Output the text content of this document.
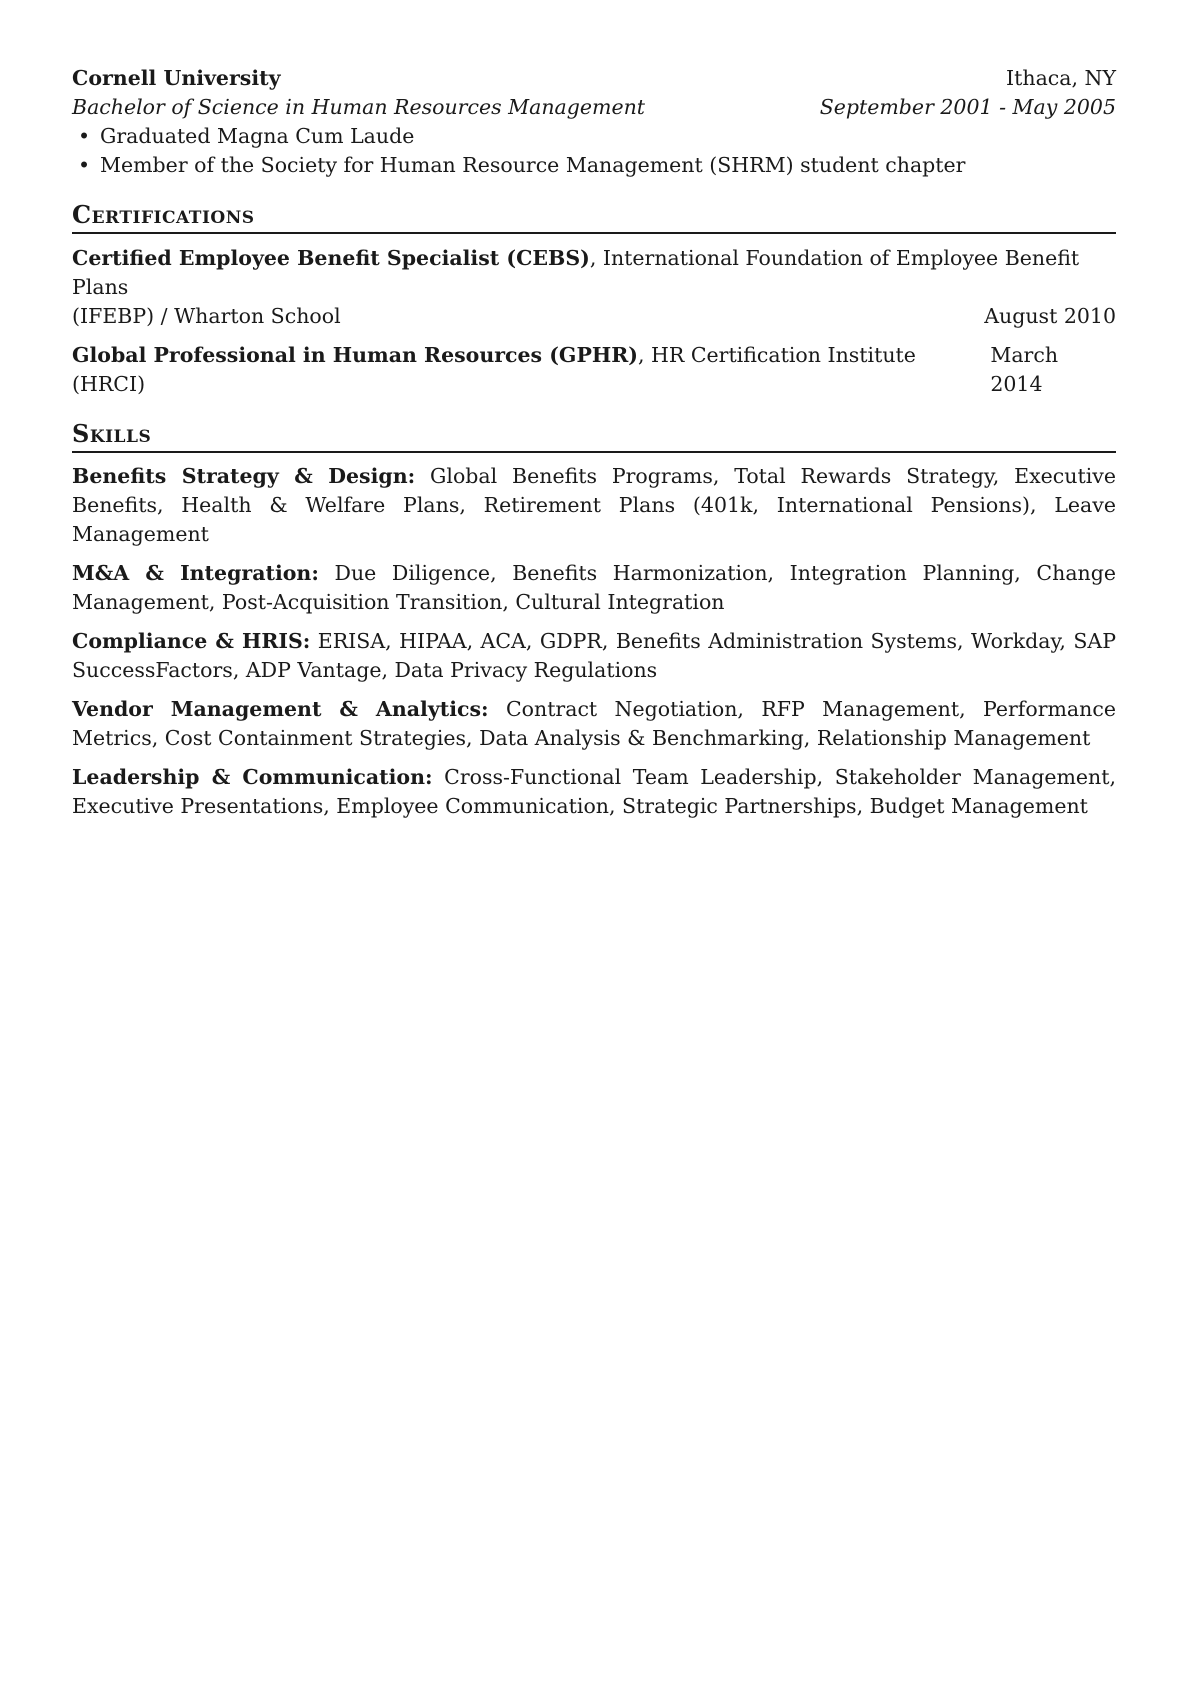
Cornell University	Ithaca, NY
Bachelor of Science in Human Resources Management	September 2001 - May 2005
• Graduated Magna Cum Laude
• Member of the Society for Human Resource Management (SHRM) student chapter
Certifications
Certified Employee Benefit Specialist (CEBS), International Foundation of Employee Benefit Plans
(IFEBP) / Wharton School	August 2010
Global Professional in Human Resources (GPHR), HR Certification Institute (HRCI)
March 2014
Skills
Benefits Strategy & Design: Global Benefits Programs, Total Rewards Strategy, Executive Benefits, Health & Welfare Plans, Retirement Plans (401k, International Pensions), Leave Management
M&A & Integration: Due Diligence, Benefits Harmonization, Integration Planning, Change Management, Post-Acquisition Transition, Cultural Integration
Compliance & HRIS: ERISA, HIPAA, ACA, GDPR, Benefits Administration Systems, Workday, SAP SuccessFactors, ADP Vantage, Data Privacy Regulations
Vendor Management & Analytics: Contract Negotiation, RFP Management, Performance Metrics, Cost Containment Strategies, Data Analysis & Benchmarking, Relationship Management
Leadership & Communication: Cross-Functional Team Leadership, Stakeholder Management, Executive Presentations, Employee Communication, Strategic Partnerships, Budget Management
